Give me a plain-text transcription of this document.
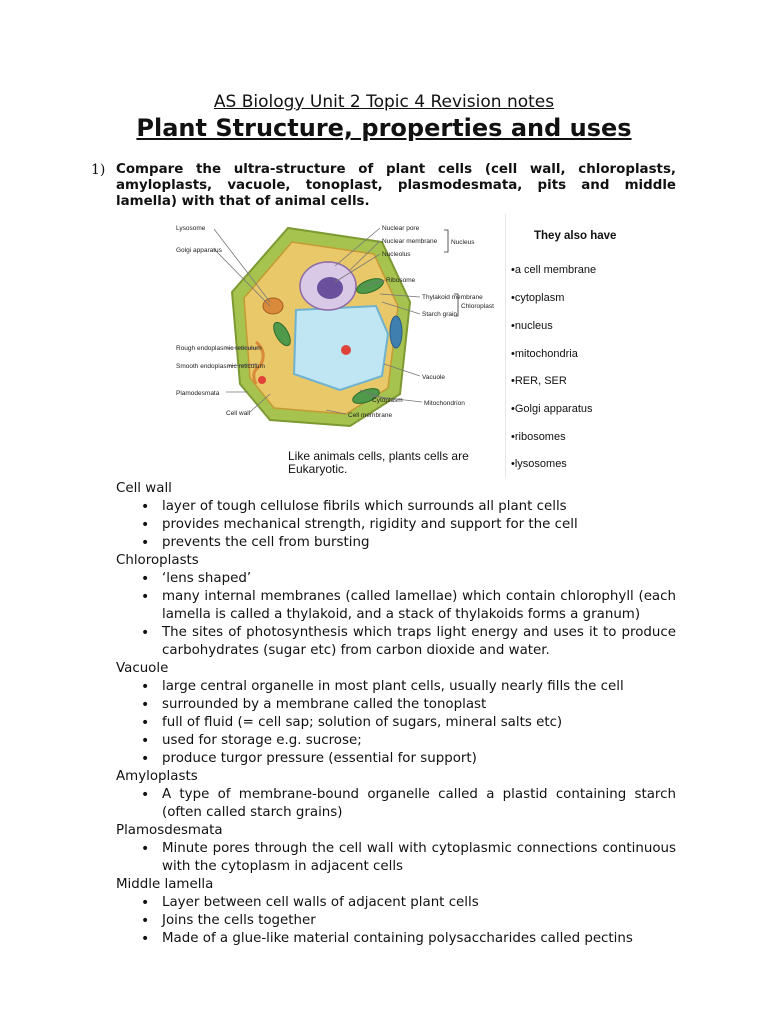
AS Biology Unit 2 Topic 4 Revision notes
Plant Structure, properties and uses
1) Compare the ultra-structure of plant cells (cell wall, chloroplasts, amyloplasts, vacuole, tonoplast, plasmodesmata, pits and middle lamella) with that of animal cells.
Lysosome
Golgi apparatus
Rough endoplasmic reticulum
Smooth endoplasmic reticulum
Plamodesmata
Cell wall
Nuclear pore
Nuclear membrane
Nucleolus
Nucleus
Ribosome
Thylakoid membrane
Chloroplast
Starch grain
Vacuole
Cytoplasm	Mitochondrion
Cell membrane
Like animals cells, plants cells are
Eukaryotic.
They also have
•a cell membrane
•cytoplasm
•nucleus
•mitochondria
•RER, SER
•Golgi apparatus
•ribosomes
•lysosomes
Cell wall
• layer of tough cellulose fibrils which surrounds all plant cells
• provides mechanical strength, rigidity and support for the cell
• prevents the cell from bursting
Chloroplasts
• ‘lens shaped’
• many internal membranes (called lamellae) which contain chlorophyll (each lamella is called a thylakoid, and a stack of thylakoids forms a granum)
• The sites of photosynthesis which traps light energy and uses it to produce carbohydrates (sugar etc) from carbon dioxide and water.
Vacuole
• large central organelle in most plant cells, usually nearly fills the cell
• surrounded by a membrane called the tonoplast
• full of fluid (= cell sap; solution of sugars, mineral salts etc)
• used for storage e.g. sucrose;
• produce turgor pressure (essential for support)
Amyloplasts
• A type of membrane-bound organelle called a plastid containing starch (often called starch grains)
Plamosdesmata
• Minute pores through the cell wall with cytoplasmic connections continuous with the cytoplasm in adjacent cells
Middle lamella
• Layer between cell walls of adjacent plant cells
• Joins the cells together
• Made of a glue-like material containing polysaccharides called pectins
